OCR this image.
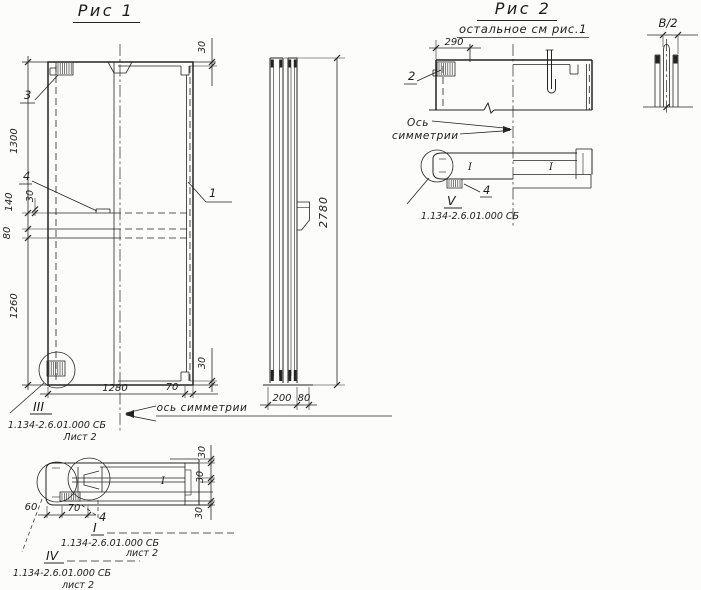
Рис 1
3
4
1
1300
140
1260
80
30
30
1280	70
30
III
1.134-2.6.01.000 СБ
Лист 2
ось симметрии
2780
200 80
I
30
30
30
60	70
4
I
1.134-2.6.01.000 СБ
лист 2
IV
1.134-2.6.01.000 СБ
лист 2
Рис 2
остальное см рис.1
290
2
Ось
симметрии
I	I
4
V
1.134-2.6.01.000 СБ
В/2
